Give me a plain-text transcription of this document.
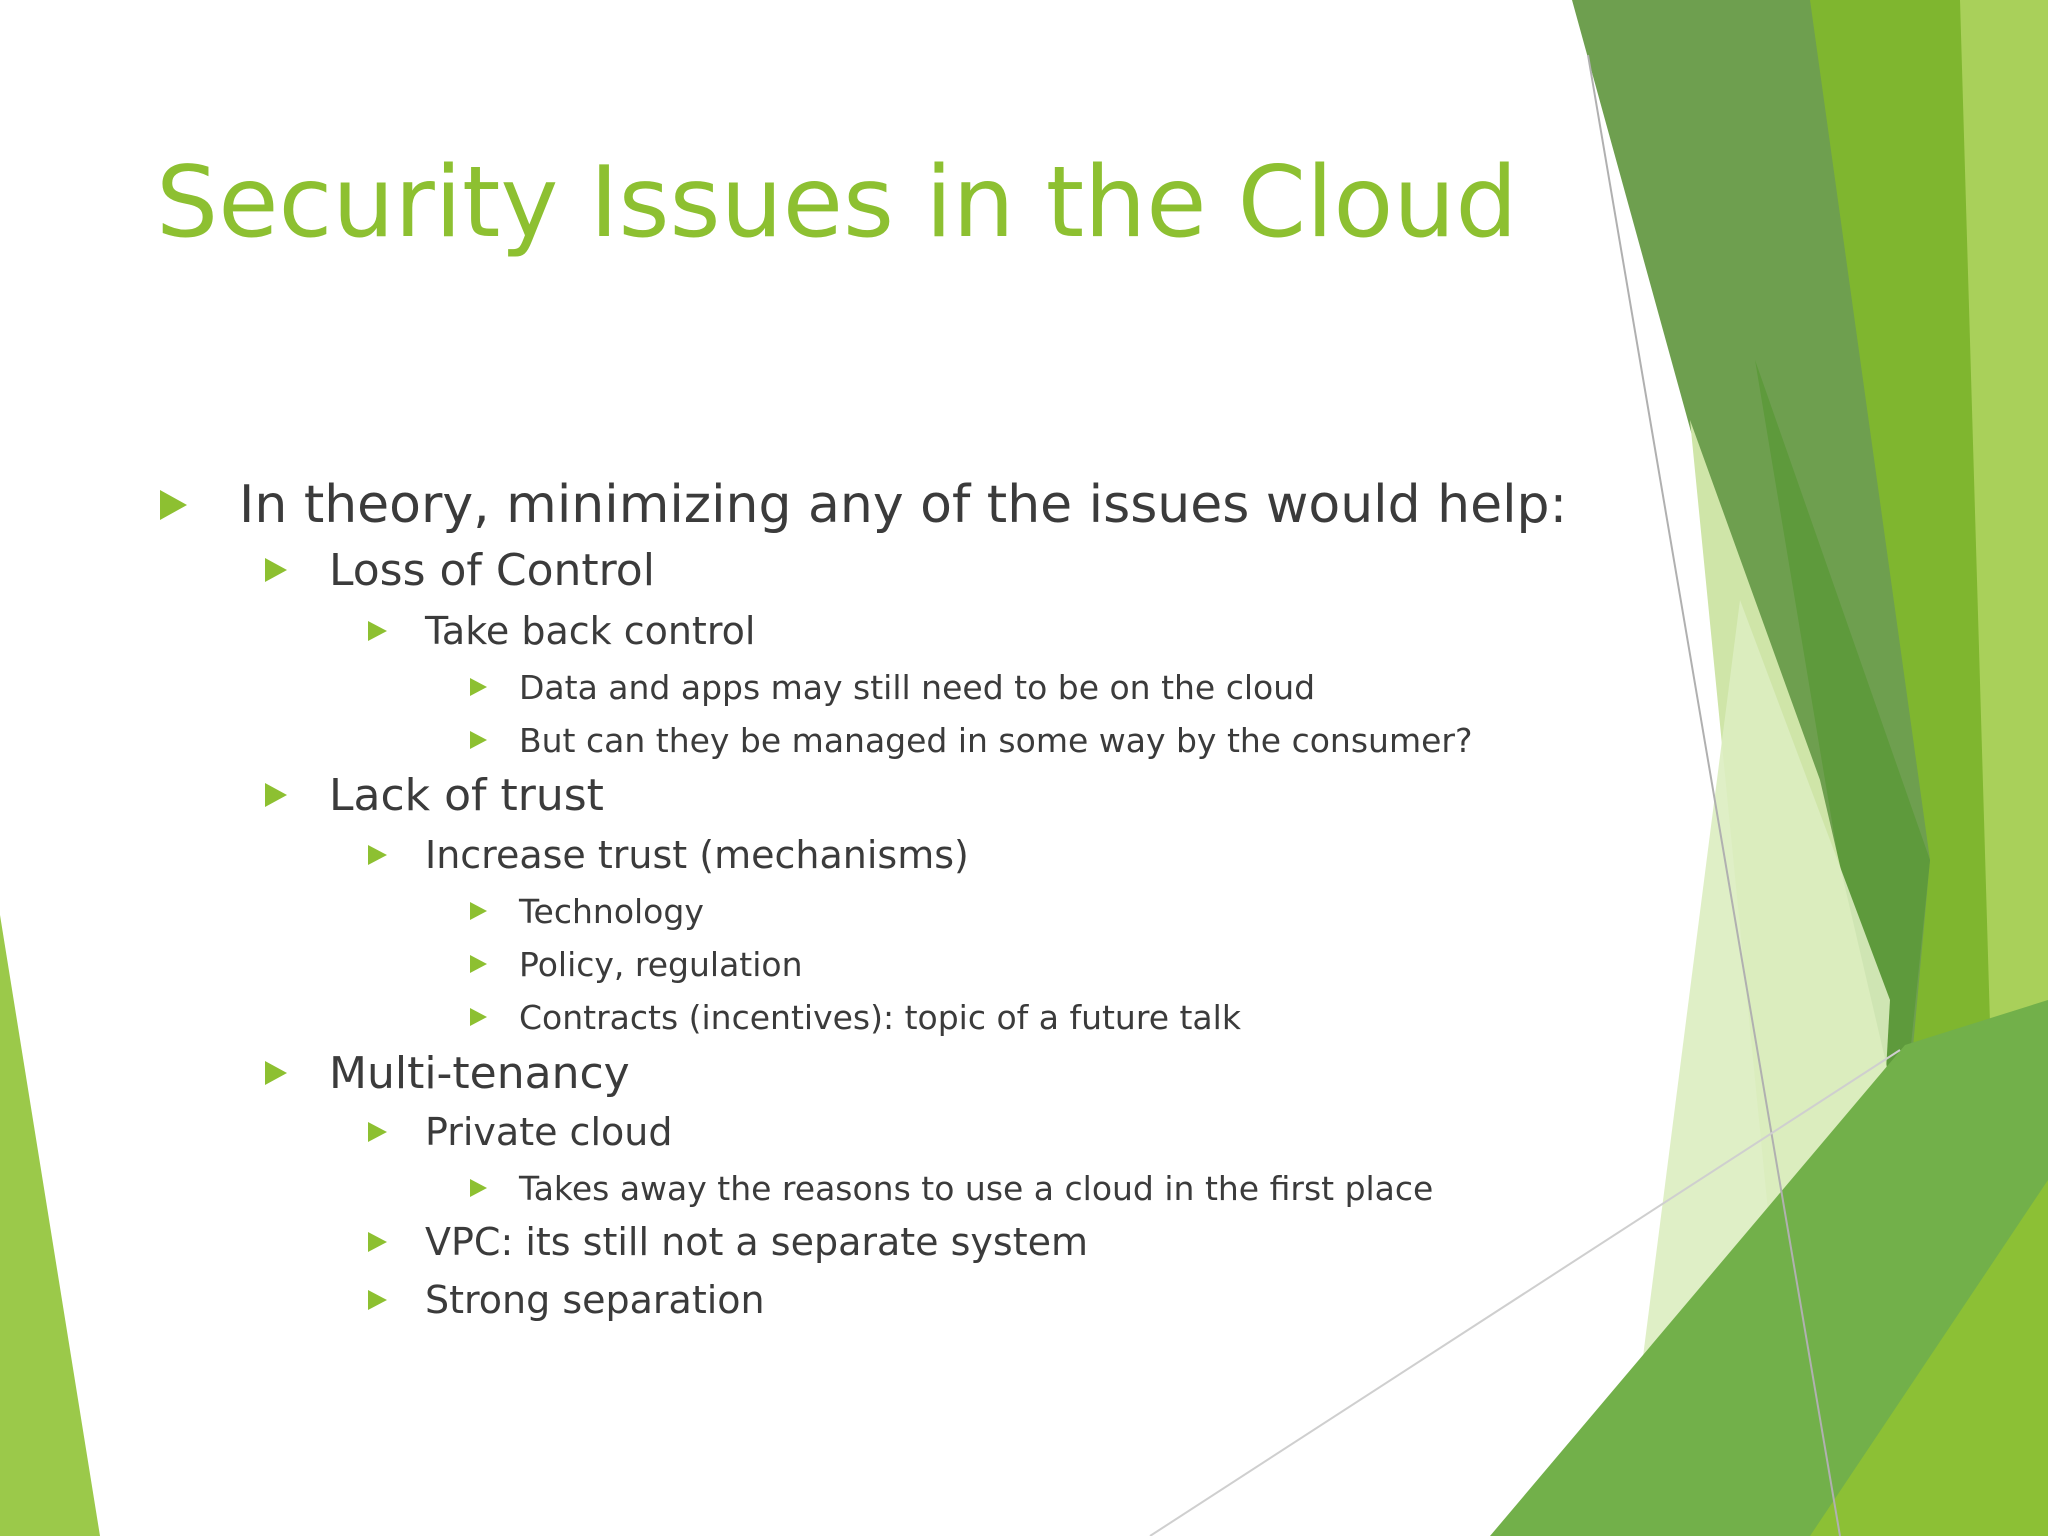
Security Issues in the Cloud
In theory, minimizing any of the issues would help:
Loss of Control
Take back control
Data and apps may still need to be on the cloud
But can they be managed in some way by the consumer?
Lack of trust
Increase trust (mechanisms)
Technology
Policy, regulation
Contracts (incentives): topic of a future talk
Multi-tenancy
Private cloud
Takes away the reasons to use a cloud in the first place
VPC: its still not a separate system
Strong separation
